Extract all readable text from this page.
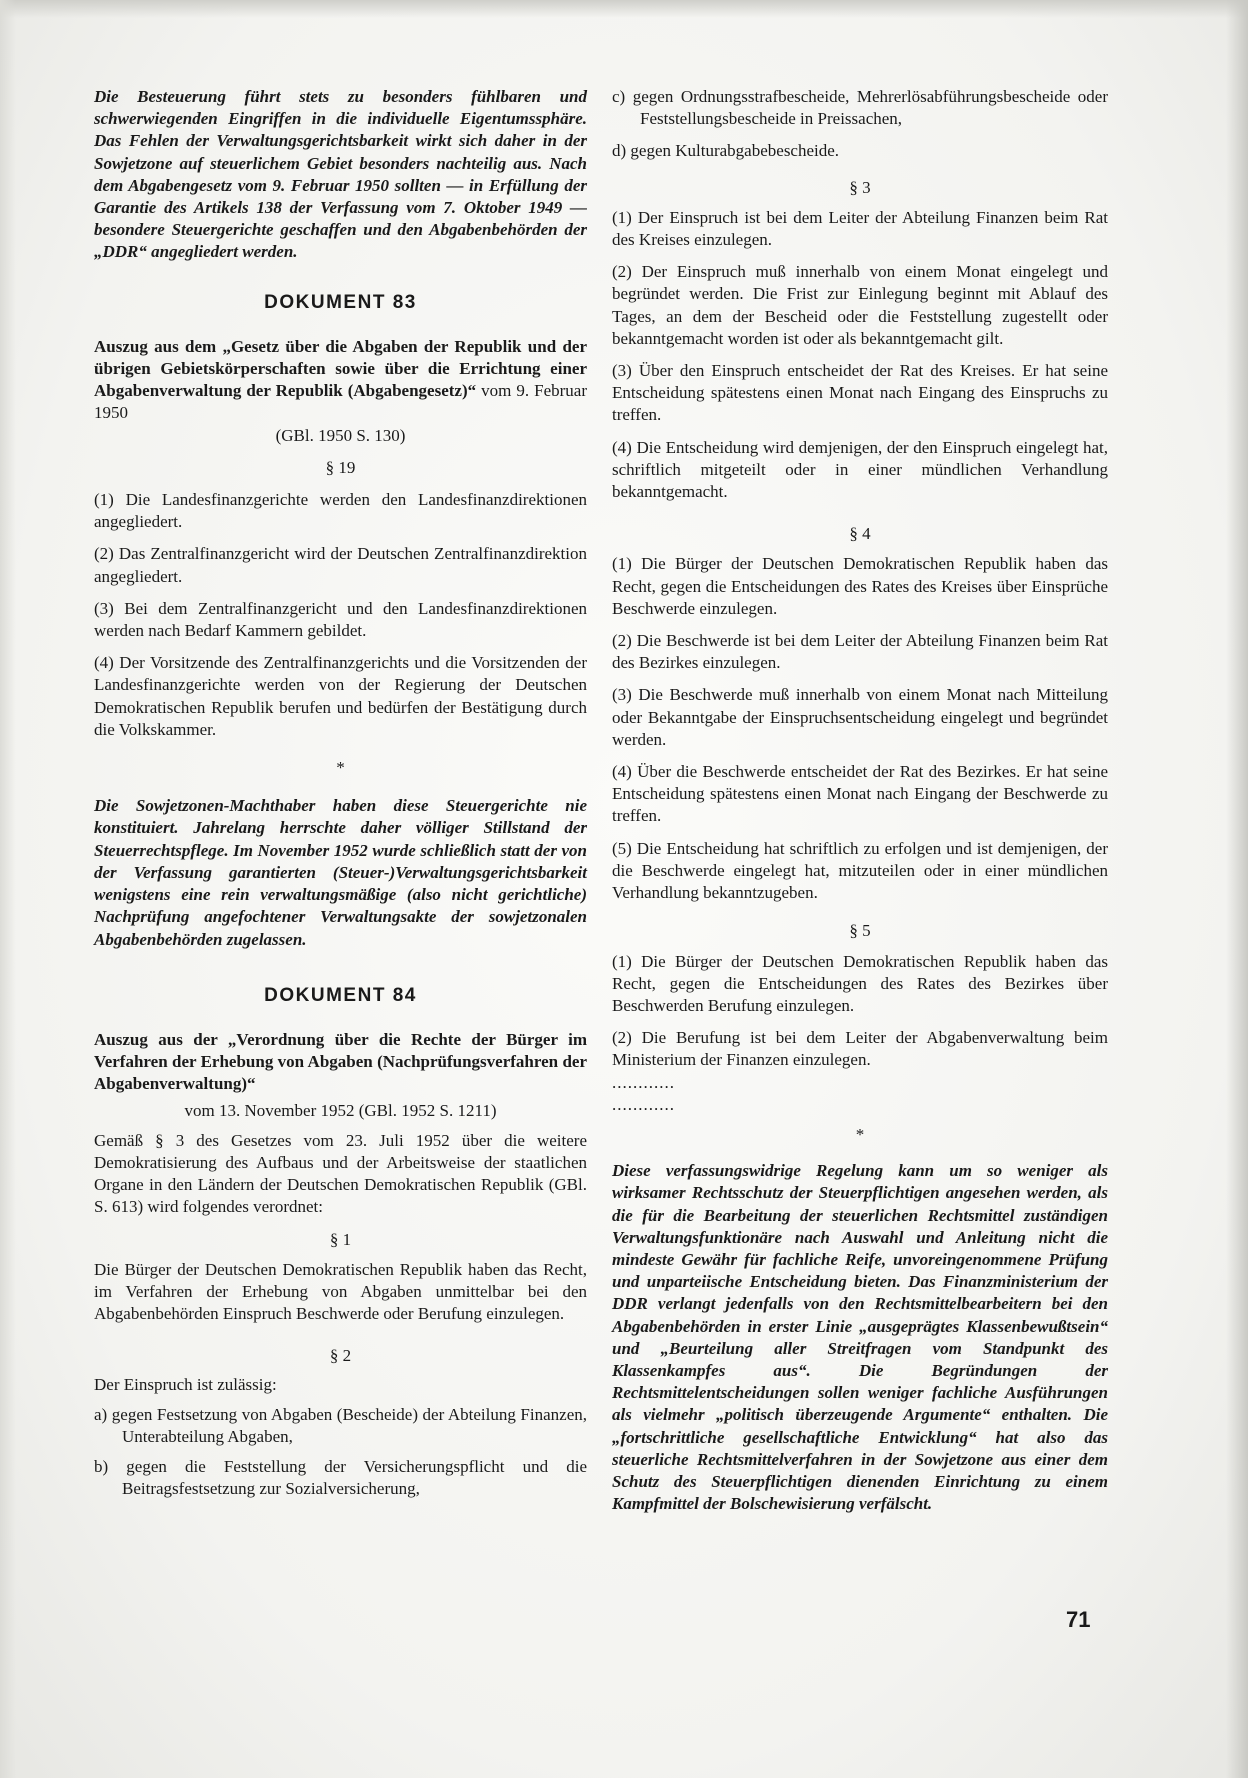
Die Besteuerung führt stets zu besonders fühlbaren und schwerwiegenden Eingriffen in die individuelle Eigentumssphäre. Das Fehlen der Verwaltungsgerichtsbarkeit wirkt sich daher in der Sowjetzone auf steuerlichem Gebiet besonders nachteilig aus. Nach dem Abgabengesetz vom 9. Februar 1950 sollten — in Erfüllung der Garantie des Artikels 138 der Verfassung vom 7. Oktober 1949 — besondere Steuergerichte geschaffen und den Abgabenbehörden der „DDR“ angegliedert werden.

DOKUMENT 83

Auszug aus dem „Gesetz über die Abgaben der Republik und der übrigen Gebietskörperschaften sowie über die Errichtung einer Abgabenverwaltung der Republik (Abgabengesetz)“ vom 9. Februar 1950

(GBl. 1950 S. 130)

§ 19

(1) Die Landesfinanzgerichte werden den Landesfinanzdirektionen angegliedert.

(2) Das Zentralfinanzgericht wird der Deutschen Zentralfinanzdirektion angegliedert.

(3) Bei dem Zentralfinanzgericht und den Landesfinanzdirektionen werden nach Bedarf Kammern gebildet.

(4) Der Vorsitzende des Zentralfinanzgerichts und die Vorsitzenden der Landesfinanzgerichte werden von der Regierung der Deutschen Demokratischen Republik berufen und bedürfen der Bestätigung durch die Volkskammer.

*

Die Sowjetzonen-Machthaber haben diese Steuergerichte nie konstituiert. Jahrelang herrschte daher völliger Stillstand der Steuerrechtspflege. Im November 1952 wurde schließlich statt der von der Verfassung garantierten (Steuer-)Verwaltungsgerichtsbarkeit wenigstens eine rein verwaltungsmäßige (also nicht gerichtliche) Nachprüfung angefochtener Verwaltungsakte der sowjetzonalen Abgabenbehörden zugelassen.

DOKUMENT 84

Auszug aus der „Verordnung über die Rechte der Bürger im Verfahren der Erhebung von Abgaben (Nachprüfungsverfahren der Abgabenverwaltung)“

vom 13. November 1952 (GBl. 1952 S. 1211)

Gemäß § 3 des Gesetzes vom 23. Juli 1952 über die weitere Demokratisierung des Aufbaus und der Arbeitsweise der staatlichen Organe in den Ländern der Deutschen Demokratischen Republik (GBl. S. 613) wird folgendes verordnet:

§ 1

Die Bürger der Deutschen Demokratischen Republik haben das Recht, im Verfahren der Erhebung von Abgaben unmittelbar bei den Abgabenbehörden Einspruch Beschwerde oder Berufung einzulegen.

§ 2

Der Einspruch ist zulässig:

a) gegen Festsetzung von Abgaben (Bescheide) der Abteilung Finanzen, Unterabteilung Abgaben,

b) gegen die Feststellung der Versicherungspflicht und die Beitragsfestsetzung zur Sozialversicherung,

c) gegen Ordnungsstrafbescheide, Mehrerlösabführungsbescheide oder Feststellungsbescheide in Preissachen,

d) gegen Kulturabgabebescheide.

§ 3

(1) Der Einspruch ist bei dem Leiter der Abteilung Finanzen beim Rat des Kreises einzulegen.

(2) Der Einspruch muß innerhalb von einem Monat eingelegt und begründet werden. Die Frist zur Einlegung beginnt mit Ablauf des Tages, an dem der Bescheid oder die Feststellung zugestellt oder bekanntgemacht worden ist oder als bekanntgemacht gilt.

(3) Über den Einspruch entscheidet der Rat des Kreises. Er hat seine Entscheidung spätestens einen Monat nach Eingang des Einspruchs zu treffen.

(4) Die Entscheidung wird demjenigen, der den Einspruch eingelegt hat, schriftlich mitgeteilt oder in einer mündlichen Verhandlung bekanntgemacht.

§ 4

(1) Die Bürger der Deutschen Demokratischen Republik haben das Recht, gegen die Entscheidungen des Rates des Kreises über Einsprüche Beschwerde einzulegen.

(2) Die Beschwerde ist bei dem Leiter der Abteilung Finanzen beim Rat des Bezirkes einzulegen.

(3) Die Beschwerde muß innerhalb von einem Monat nach Mitteilung oder Bekanntgabe der Einspruchsentscheidung eingelegt und begründet werden.

(4) Über die Beschwerde entscheidet der Rat des Bezirkes. Er hat seine Entscheidung spätestens einen Monat nach Eingang der Beschwerde zu treffen.

(5) Die Entscheidung hat schriftlich zu erfolgen und ist demjenigen, der die Beschwerde eingelegt hat, mitzuteilen oder in einer mündlichen Verhandlung bekanntzugeben.

§ 5

(1) Die Bürger der Deutschen Demokratischen Republik haben das Recht, gegen die Entscheidungen des Rates des Bezirkes über Beschwerden Berufung einzulegen.

(2) Die Berufung ist bei dem Leiter der Abgabenverwaltung beim Ministerium der Finanzen einzulegen.

............

............

*

Diese verfassungswidrige Regelung kann um so weniger als wirksamer Rechtsschutz der Steuerpflichtigen angesehen werden, als die für die Bearbeitung der steuerlichen Rechtsmittel zuständigen Verwaltungsfunktionäre nach Auswahl und Anleitung nicht die mindeste Gewähr für fachliche Reife, unvoreingenommene Prüfung und unparteiische Entscheidung bieten. Das Finanzministerium der DDR verlangt jedenfalls von den Rechtsmittelbearbeitern bei den Abgabenbehörden in erster Linie „ausgeprägtes Klassenbewußtsein“ und „Beurteilung aller Streitfragen vom Standpunkt des Klassenkampfes aus“. Die Begründungen der Rechtsmittelentscheidungen sollen weniger fachliche Ausführungen als vielmehr „politisch überzeugende Argumente“ enthalten. Die „fortschrittliche gesellschaftliche Entwicklung“ hat also das steuerliche Rechtsmittelverfahren in der Sowjetzone aus einer dem Schutz des Steuerpflichtigen dienenden Einrichtung zu einem Kampfmittel der Bolschewisierung verfälscht.

71
